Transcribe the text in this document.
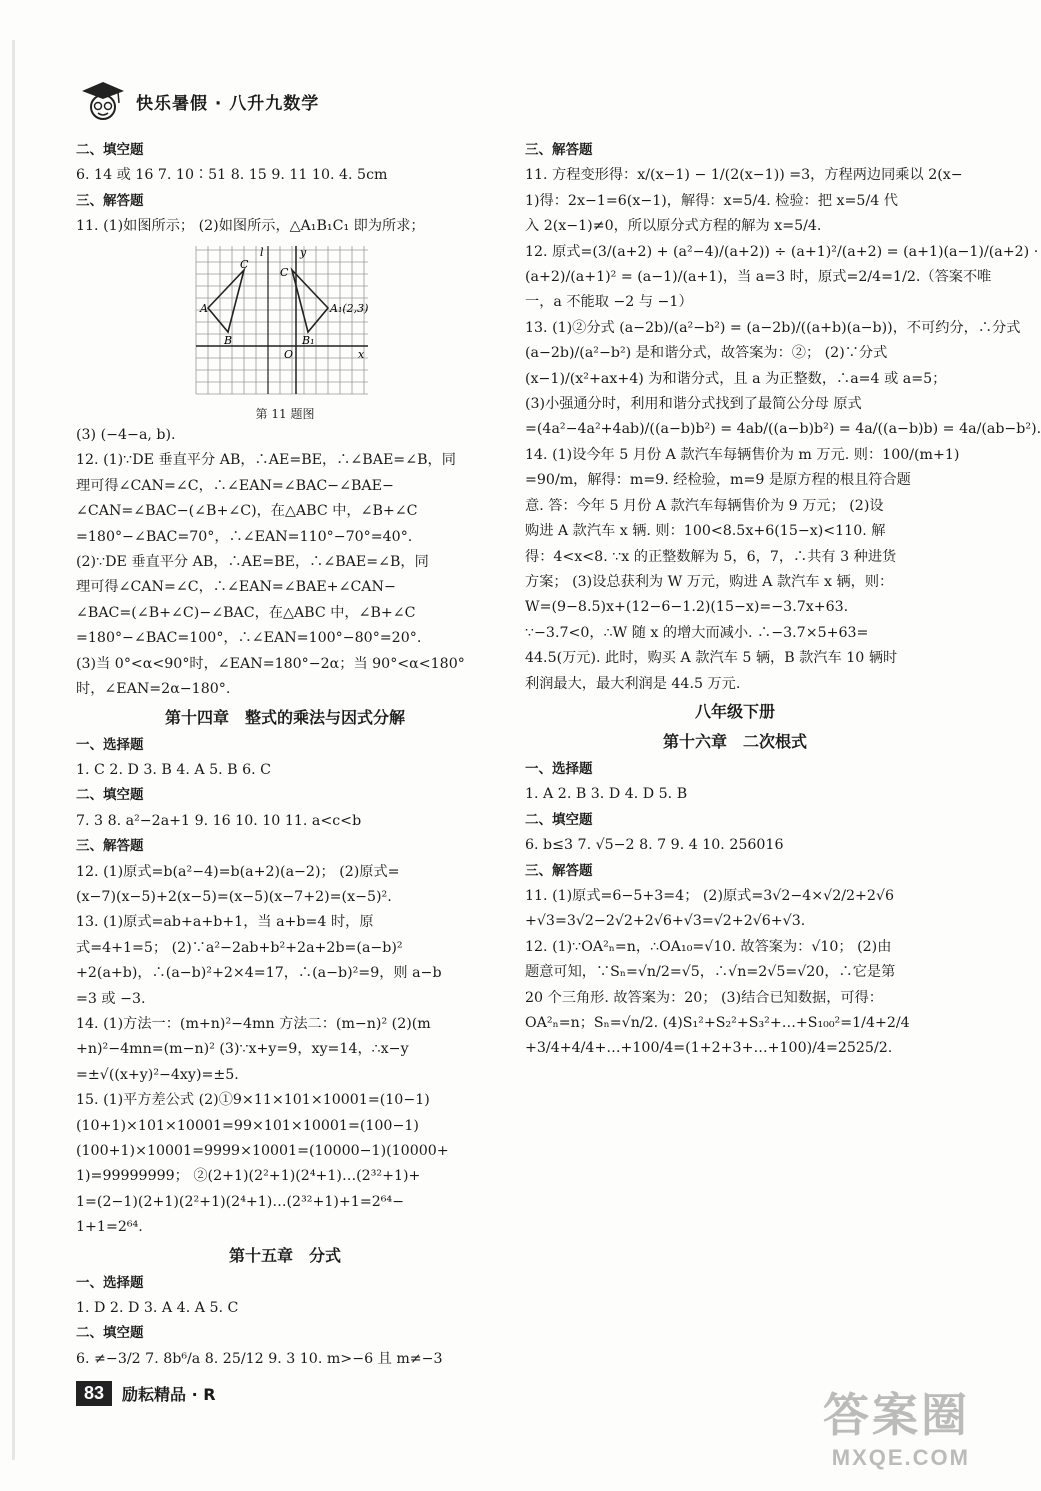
快乐暑假 · 八升九数学
二、填空题
6. 14 或 16 7. 10∶51 8. 15 9. 11 10. 4. 5cm
三、解答题
11. (1)如图所示； (2)如图所示，△A₁B₁C₁ 即为所求；
A
B
C
A₁(2,3)
B₁
C
O	x
y
l
第 11 题图
(3) (−4−a, b).
12. (1)∵DE 垂直平分 AB，∴AE=BE，∴∠BAE=∠B，同
理可得∠CAN=∠C，∴∠EAN=∠BAC−∠BAE−
∠CAN=∠BAC−(∠B+∠C)，在△ABC 中，∠B+∠C
=180°−∠BAC=70°，∴∠EAN=110°−70°=40°.
(2)∵DE 垂直平分 AB，∴AE=BE，∴∠BAE=∠B，同
理可得∠CAN=∠C，∴∠EAN=∠BAE+∠CAN−
∠BAC=(∠B+∠C)−∠BAC，在△ABC 中，∠B+∠C
=180°−∠BAC=100°，∴∠EAN=100°−80°=20°.
(3)当 0°<α<90°时，∠EAN=180°−2α；当 90°<α<180°
时，∠EAN=2α−180°.
第十四章　整式的乘法与因式分解
一、选择题
1. C 2. D 3. B 4. A 5. B 6. C
二、填空题
7. 3 8. a²−2a+1 9. 16 10. 10 11. a<c<b
三、解答题
12. (1)原式=b(a²−4)=b(a+2)(a−2)； (2)原式=
(x−7)(x−5)+2(x−5)=(x−5)(x−7+2)=(x−5)².
13. (1)原式=ab+a+b+1，当 a+b=4 时，原
式=4+1=5； (2)∵a²−2ab+b²+2a+2b=(a−b)²
+2(a+b)，∴(a−b)²+2×4=17，∴(a−b)²=9，则 a−b
=3 或 −3.
14. (1)方法一：(m+n)²−4mn 方法二：(m−n)² (2)(m
+n)²−4mn=(m−n)² (3)∵x+y=9，xy=14，∴x−y
=±√((x+y)²−4xy)=±5.
15. (1)平方差公式 (2)①9×11×101×10001=(10−1)
(10+1)×101×10001=99×101×10001=(100−1)
(100+1)×10001=9999×10001=(10000−1)(10000+
1)=99999999； ②(2+1)(2²+1)(2⁴+1)…(2³²+1)+
1=(2−1)(2+1)(2²+1)(2⁴+1)…(2³²+1)+1=2⁶⁴−
1+1=2⁶⁴.
第十五章　分式
一、选择题
1. D 2. D 3. A 4. A 5. C
二、填空题
6. ≠−3/2 7. 8b⁶/a 8. 25/12 9. 3 10. m>−6 且 m≠−3
三、解答题
11. 方程变形得：x/(x−1) − 1/(2(x−1)) =3，方程两边同乘以 2(x−
1)得：2x−1=6(x−1)，解得：x=5/4. 检验：把 x=5/4 代
入 2(x−1)≠0，所以原分式方程的解为 x=5/4.
12. 原式=(3/(a+2) + (a²−4)/(a+2)) ÷ (a+1)²/(a+2) = (a+1)(a−1)/(a+2) ·
(a+2)/(a+1)² = (a−1)/(a+1)，当 a=3 时，原式=2/4=1/2.（答案不唯
一，a 不能取 −2 与 −1）
13. (1)②分式 (a−2b)/(a²−b²) = (a−2b)/((a+b)(a−b))，不可约分，∴分式
(a−2b)/(a²−b²) 是和谐分式，故答案为：②； (2)∵分式
(x−1)/(x²+ax+4) 为和谐分式，且 a 为正整数，∴a=4 或 a=5；
(3)小强通分时，利用和谐分式找到了最简公分母 原式
=(4a²−4a²+4ab)/((a−b)b²) = 4ab/((a−b)b²) = 4a/((a−b)b) = 4a/(ab−b²).
14. (1)设今年 5 月份 A 款汽车每辆售价为 m 万元. 则：100/(m+1)
=90/m，解得：m=9. 经检验，m=9 是原方程的根且符合题
意. 答：今年 5 月份 A 款汽车每辆售价为 9 万元； (2)设
购进 A 款汽车 x 辆. 则：100<8.5x+6(15−x)<110. 解
得：4<x<8. ∵x 的正整数解为 5，6，7，∴共有 3 种进货
方案； (3)设总获利为 W 万元，购进 A 款汽车 x 辆，则：
W=(9−8.5)x+(12−6−1.2)(15−x)=−3.7x+63.
∵−3.7<0，∴W 随 x 的增大而减小. ∴−3.7×5+63=
44.5(万元). 此时，购买 A 款汽车 5 辆，B 款汽车 10 辆时
利润最大，最大利润是 44.5 万元.
八年级下册
第十六章　二次根式
一、选择题
1. A 2. B 3. D 4. D 5. B
二、填空题
6. b≤3 7. √5−2 8. 7 9. 4 10. 256016
三、解答题
11. (1)原式=6−5+3=4； (2)原式=3√2−4×√2/2+2√6
+√3=3√2−2√2+2√6+√3=√2+2√6+√3.
12. (1)∵OA²ₙ=n，∴OA₁₀=√10. 故答案为：√10； (2)由
题意可知，∵Sₙ=√n/2=√5，∴√n=2√5=√20，∴它是第
20 个三角形. 故答案为：20； (3)结合已知数据，可得：
OA²ₙ=n；Sₙ=√n/2. (4)S₁²+S₂²+S₃²+…+S₁₀₀²=1/4+2/4
+3/4+4/4+…+100/4=(1+2+3+…+100)/4=2525/2.
83	励耘精品 · R	答案圈
MXQE.COM
